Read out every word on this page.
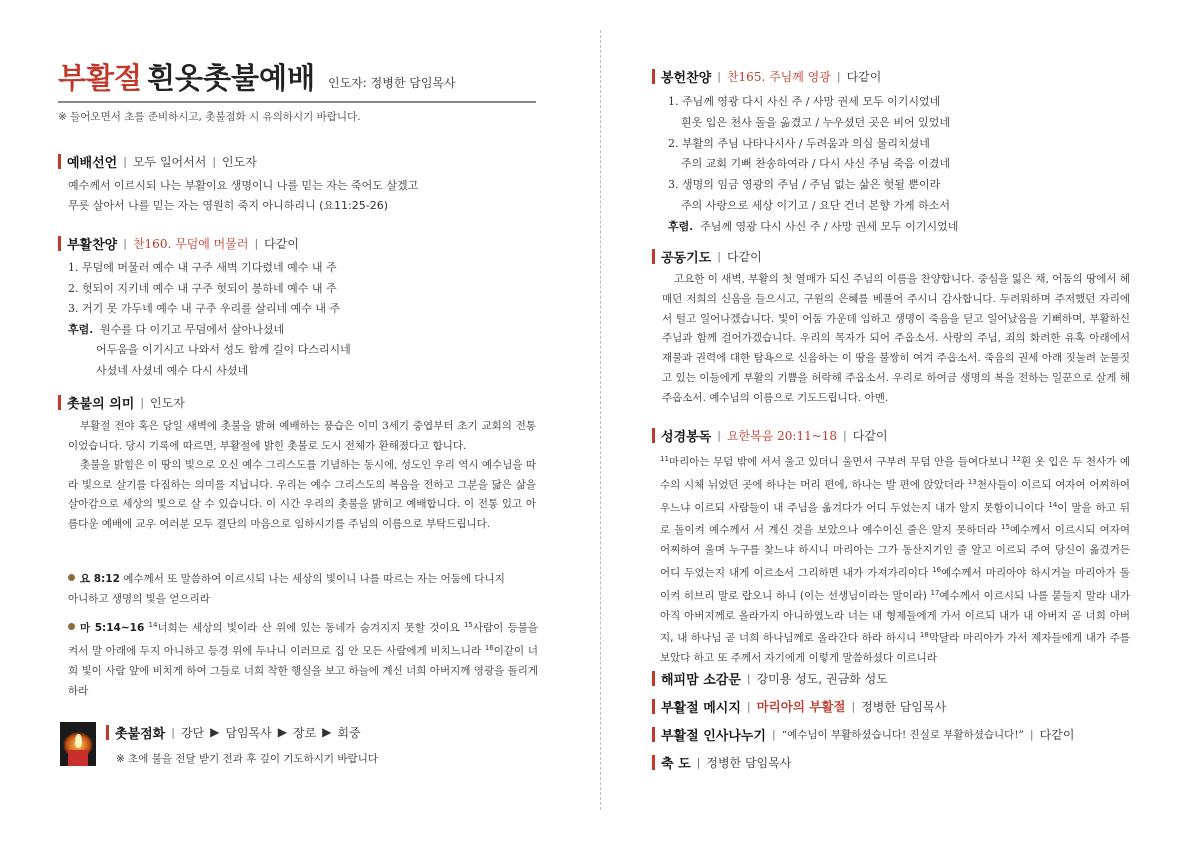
부활절 흰옷촛불예배 인도자: 정병한 담임목사
※ 들어오면서 초를 준비하시고, 촛불점화 시 유의하시기 바랍니다.
예배선언 | 모두 일어서서 | 인도자
예수께서 이르시되 나는 부활이요 생명이니 나를 믿는 자는 죽어도 살겠고
무릇 살아서 나를 믿는 자는 영원히 죽지 아니하리니 (요11:25-26)
부활찬양 | 찬160. 무덤에 머물러 | 다같이
1. 무덤에 머물러 예수 내 구주 새벽 기다렸네 예수 내 주
2. 헛되이 지키네 예수 내 구주 헛되이 봉하네 예수 내 주
3. 거기 못 가두네 예수 내 구주 우리를 살리네 예수 내 주
후렴. 원수를 다 이기고 무덤에서 살아나셨네
어두움을 이기시고 나와서 성도 함께 길이 다스리시네
사셨네 사셨네 예수 다시 사셨네
촛불의 의미 | 인도자
부활절 전야 혹은 당일 새벽에 촛불을 밝혀 예배하는 풍습은 이미 3세기 중엽부터 초기 교회의 전통이었습니다. 당시 기록에 따르면, 부활절에 밝힌 촛불로 도시 전체가 환해졌다고 합니다.
촛불을 밝힘은 이 땅의 빛으로 오신 예수 그리스도를 기념하는 동시에, 성도인 우리 역시 예수님을 따라 빛으로 살기를 다짐하는 의미를 지닙니다. 우리는 예수 그리스도의 복음을 전하고 그분을 닮은 삶을 살아감으로 세상의 빛으로 살 수 있습니다. 이 시간 우리의 촛불을 밝히고 예배합니다. 이 전통 있고 아름다운 예배에 교우 여러분 모두 결단의 마음으로 임하시기를 주님의 이름으로 부탁드립니다.
요 8:12 예수께서 또 말씀하여 이르시되 나는 세상의 빛이니 나를 따르는 자는 어둠에 다니지
아니하고 생명의 빛을 얻으리라
마 5:14~16 $^{14}$너희는 세상의 빛이라 산 위에 있는 동네가 숨겨지지 못할 것이요 $^{15}$사람이 등불을 켜서 말 아래에 두지 아니하고 등경 위에 두나니 이러므로 집 안 모든 사람에게 비치느니라 $^{16}$이같이 너희 빛이 사람 앞에 비치게 하여 그들로 너희 착한 행실을 보고 하늘에 계신 너희 아버지께 영광을 돌리게 하라
촛불점화 | 강단 ▶ 담임목사 ▶ 장로 ▶ 회중
※ 초에 불을 전달 받기 전과 후 깊이 기도하시기 바랍니다
봉헌찬양 | 찬165. 주님께 영광 | 다같이
1. 주님께 영광 다시 사신 주 / 사망 권세 모두 이기시었네
흰옷 입은 천사 돌을 옮겼고 / 누우셨던 곳은 비어 있었네
2. 부활의 주님 나타나시사 / 두려움과 의심 물리치셨네
주의 교회 기뻐 찬송하여라 / 다시 사신 주님 죽음 이겼네
3. 생명의 임금 영광의 주님 / 주님 없는 삶은 헛될 뿐이라
주의 사랑으로 세상 이기고 / 요단 건너 본향 가게 하소서
후렴. 주님께 영광 다시 사신 주 / 사망 권세 모두 이기시었네
공동기도 | 다같이
고요한 이 새벽, 부활의 첫 열매가 되신 주님의 이름을 찬양합니다. 중심을 잃은 채, 어둠의 땅에서 헤매던 저희의 신음을 들으시고, 구원의 은혜를 베풀어 주시니 감사합니다. 두려워하며 주저했던 자리에서 털고 일어나겠습니다. 빛이 어둠 가운데 임하고 생명이 죽음을 딛고 일어났음을 기뻐하며, 부활하신 주님과 함께 걸어가겠습니다. 우리의 목자가 되어 주옵소서. 사랑의 주님, 죄의 화려한 유혹 아래에서 재물과 권력에 대한 탐욕으로 신음하는 이 땅을 불쌍히 여겨 주옵소서. 죽음의 권세 아래 짓눌려 눈물짓고 있는 이들에게 부활의 기쁨을 허락해 주옵소서. 우리로 하여금 생명의 복을 전하는 일꾼으로 살게 해 주옵소서. 예수님의 이름으로 기도드립니다. 아멘.
성경봉독 | 요한복음 20:11~18 | 다같이
$^{11}$마리아는 무덤 밖에 서서 울고 있더니 울면서 구부려 무덤 안을 들여다보니 $^{12}$흰 옷 입은 두 천사가 예수의 시체 뉘었던 곳에 하나는 머리 편에, 하나는 발 편에 앉았더라 $^{13}$천사들이 이르되 여자여 어찌하여 우느냐 이르되 사람들이 내 주님을 옮겨다가 어디 두었는지 내가 알지 못함이니이다 $^{14}$이 말을 하고 뒤로 돌이켜 예수께서 서 계신 것을 보았으나 예수이신 줄은 알지 못하더라 $^{15}$예수께서 이르시되 여자여 어찌하여 울며 누구를 찾느냐 하시니 마리아는 그가 동산지기인 줄 알고 이르되 주여 당신이 옮겼거든 어디 두었는지 내게 이르소서 그리하면 내가 가져가리이다 $^{16}$예수께서 마리아야 하시거늘 마리아가 돌이켜 히브리 말로 랍오니 하니 (이는 선생님이라는 말이라) $^{17}$예수께서 이르시되 나를 붙들지 말라 내가 아직 아버지께로 올라가지 아니하였노라 너는 내 형제들에게 가서 이르되 내가 내 아버지 곧 너희 아버지, 내 하나님 곧 너희 하나님께로 올라간다 하라 하시니 $^{18}$막달라 마리아가 가서 제자들에게 내가 주를 보았다 하고 또 주께서 자기에게 이렇게 말씀하셨다 이르니라
해피맘 소감문 | 강미용 성도, 권금화 성도
부활절 메시지 | 마리아의 부활절 | 정병한 담임목사
부활절 인사나누기 | “예수님이 부활하셨습니다! 진실로 부활하셨습니다!” | 다같이
축 도 | 정병한 담임목사
